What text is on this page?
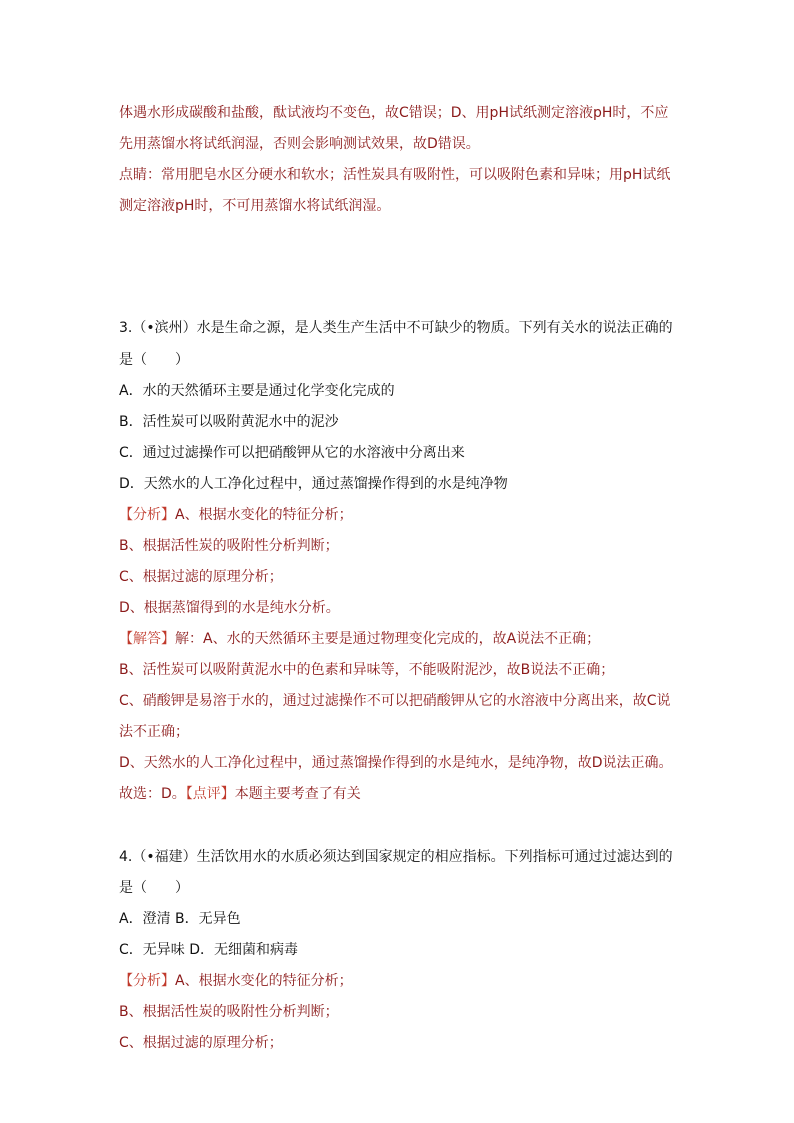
体遇水形成碳酸和盐酸，酞试液均不变色，故C错误；D、用pH试纸测定溶液pH时，不应
先用蒸馏水将试纸润湿，否则会影响测试效果，故D错误。
点睛：常用肥皂水区分硬水和软水；活性炭具有吸附性，可以吸附色素和异味；用pH试纸
测定溶液pH时，不可用蒸馏水将试纸润湿。
3.（•滨州）水是生命之源，是人类生产生活中不可缺少的物质。下列有关水的说法正确的
是（　　）
A．水的天然循环主要是通过化学变化完成的
B．活性炭可以吸附黄泥水中的泥沙
C．通过过滤操作可以把硝酸钾从它的水溶液中分离出来
D．天然水的人工净化过程中，通过蒸馏操作得到的水是纯净物
【分析】A、根据水变化的特征分析；
B、根据活性炭的吸附性分析判断；
C、根据过滤的原理分析；
D、根据蒸馏得到的水是纯水分析。
【解答】解：A、水的天然循环主要是通过物理变化完成的，故A说法不正确；
B、活性炭可以吸附黄泥水中的色素和异味等，不能吸附泥沙，故B说法不正确；
C、硝酸钾是易溶于水的，通过过滤操作不可以把硝酸钾从它的水溶液中分离出来，故C说
法不正确；
D、天然水的人工净化过程中，通过蒸馏操作得到的水是纯水，是纯净物，故D说法正确。
故选：D。【点评】本题主要考查了有关
4.（•福建）生活饮用水的水质必须达到国家规定的相应指标。下列指标可通过过滤达到的
是（　　）
A．澄清 B．无异色
C．无异味 D．无细菌和病毒
【分析】A、根据水变化的特征分析；
B、根据活性炭的吸附性分析判断；
C、根据过滤的原理分析；
